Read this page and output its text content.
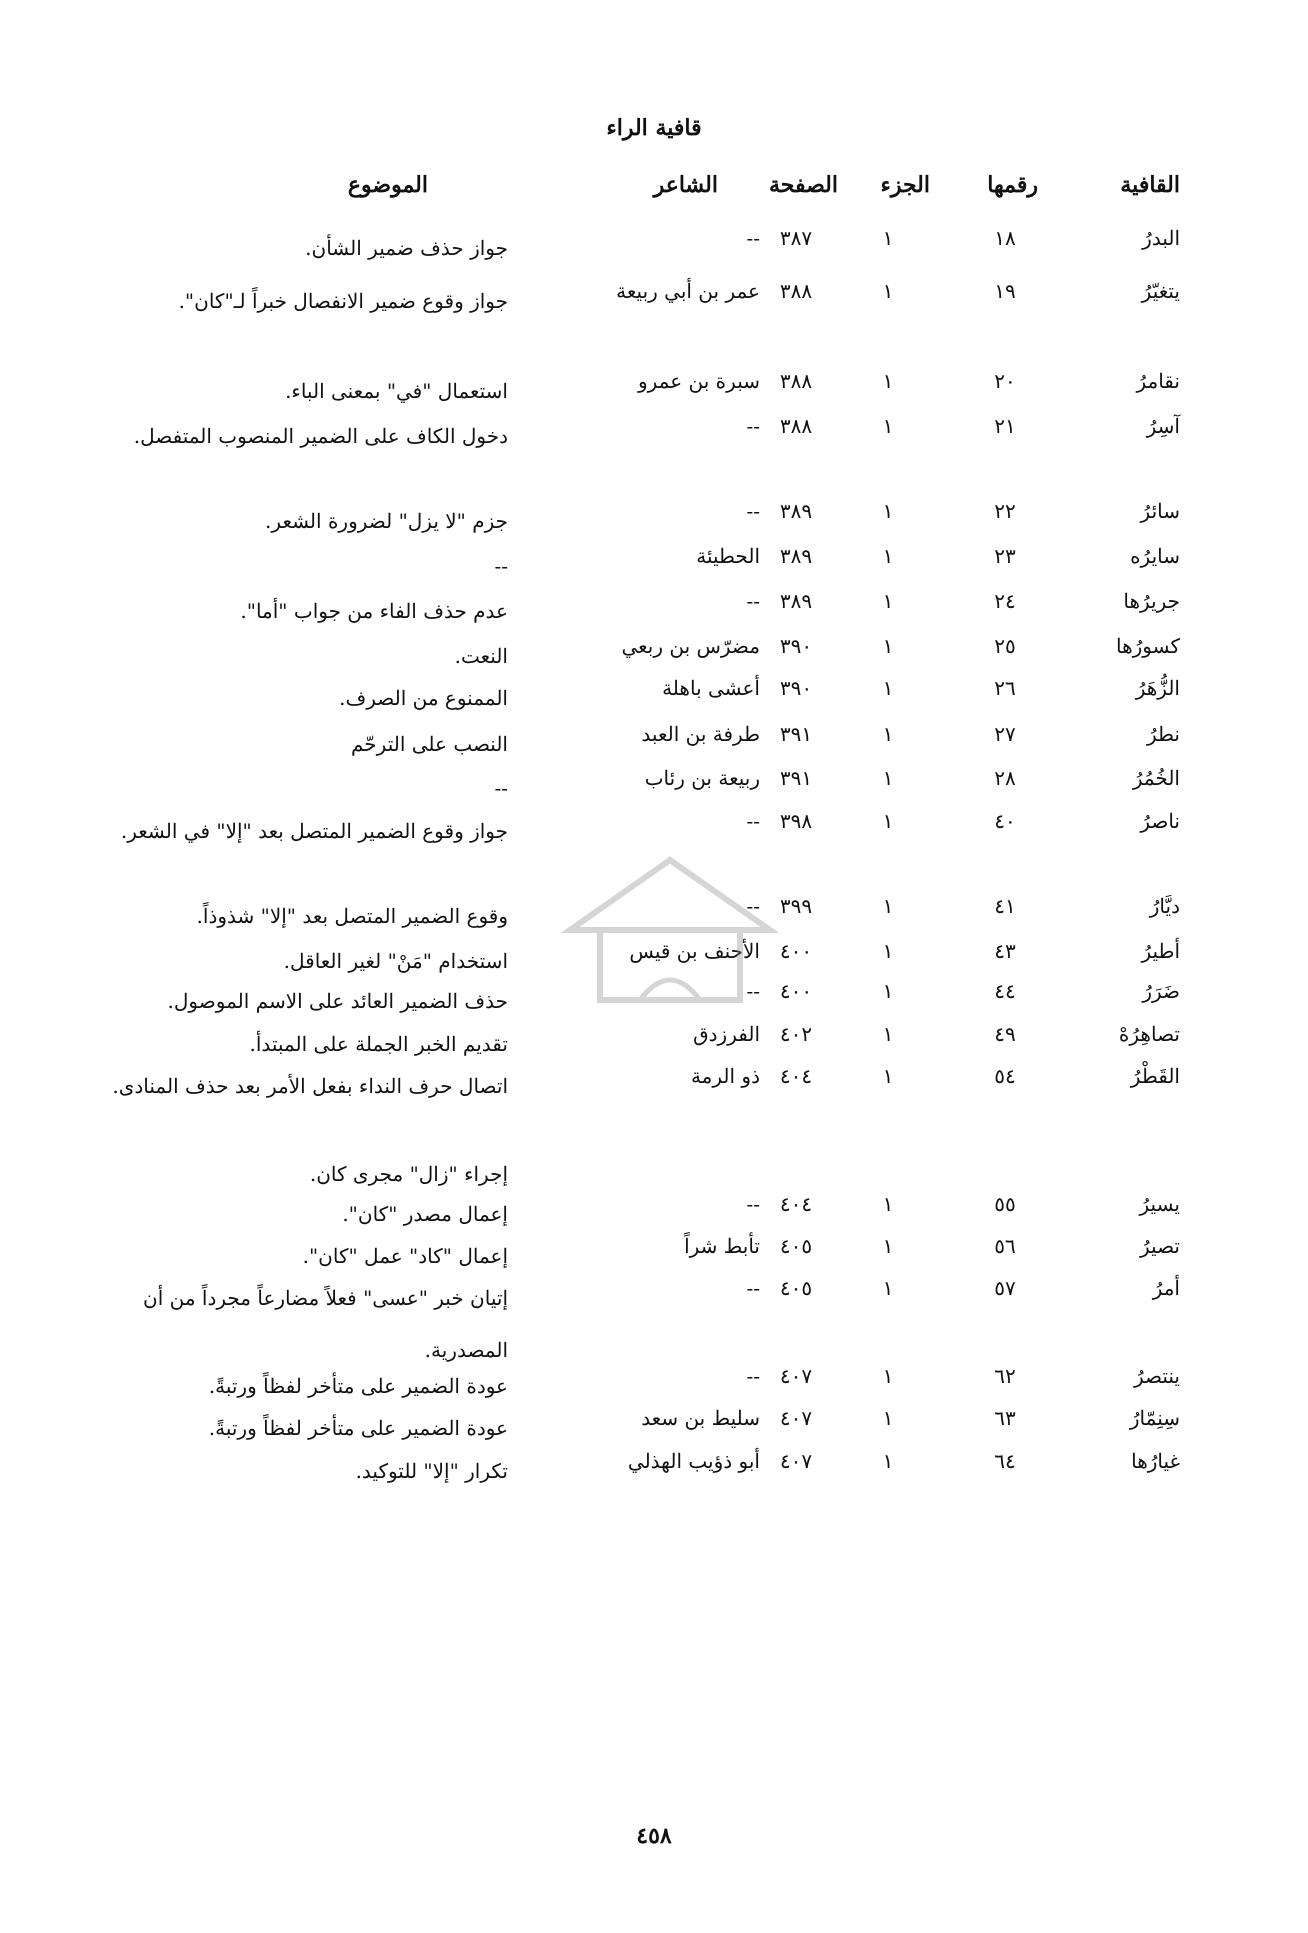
قافية الراء
القافية
رقمها
الجزء
الصفحة
الشاعر
الموضوع
البدرُ
١٨
١
٣٨٧
--
جواز حذف ضمير الشأن.
يتغيّرُ
١٩
١
٣٨٨
عمر بن أبي ربيعة
جواز وقوع ضمير الانفصال خبراً لـ"كان".
نقامرُ
٢٠
١
٣٨٨
سبرة بن عمرو
استعمال "في" بمعنى الباء.
آسِرُ
٢١
١
٣٨٨
--
دخول الكاف على الضمير المنصوب المتفصل.
سائرُ
٢٢
١
٣٨٩
--
جزم "لا يزل" لضرورة الشعر.
سايرُه
٢٣
١
٣٨٩
الحطيئة
--
جريرُها
٢٤
١
٣٨٩
--
عدم حذف الفاء من جواب "أما".
كسورُها
٢٥
١
٣٩٠
مضرّس بن ربعي
النعت.
الزُّهَرُ
٢٦
١
٣٩٠
أعشى باهلة
الممنوع من الصرف.
نطرُ
٢٧
١
٣٩١
طرفة بن العبد
النصب على الترحّم
الخُمُرُ
٢٨
١
٣٩١
ربيعة بن رئاب
--
ناصرُ
٤٠
١
٣٩٨
--
جواز وقوع الضمير المتصل بعد "إلا" في الشعر.
ديَّارُ
٤١
١
٣٩٩
--
وقوع الضمير المتصل بعد "إلا" شذوذاً.
أطيرُ
٤٣
١
٤٠٠
الأحنف بن قيس
استخدام "مَنْ" لغير العاقل.
ضَرَرُ
٤٤
١
٤٠٠
--
حذف الضمير العائد على الاسم الموصول.
تصاهِرُهْ
٤٩
١
٤٠٢
الفرزدق
تقديم الخبر الجملة على المبتدأ.
القَطْرُ
٥٤
١
٤٠٤
ذو الرمة
اتصال حرف النداء بفعل الأمر بعد حذف المنادى.
إجراء "زال" مجرى كان.
يسيرُ
٥٥
١
٤٠٤
--
إعمال مصدر "كان".
تصيرُ
٥٦
١
٤٠٥
تأبط شراً
إعمال "كاد" عمل "كان".
أمرُ
٥٧
١
٤٠٥
--
إتيان خبر "عسى" فعلاً مضارعاً مجرداً من أن المصدرية.
ينتصرُ
٦٢
١
٤٠٧
--
عودة الضمير على متأخر لفظاً ورتبةً.
سِنِمّارُ
٦٣
١
٤٠٧
سليط بن سعد
عودة الضمير على متأخر لفظاً ورتبةً.
غيارُها
٦٤
١
٤٠٧
أبو ذؤيب الهذلي
تكرار "إلا" للتوكيد.
٤٥٨
